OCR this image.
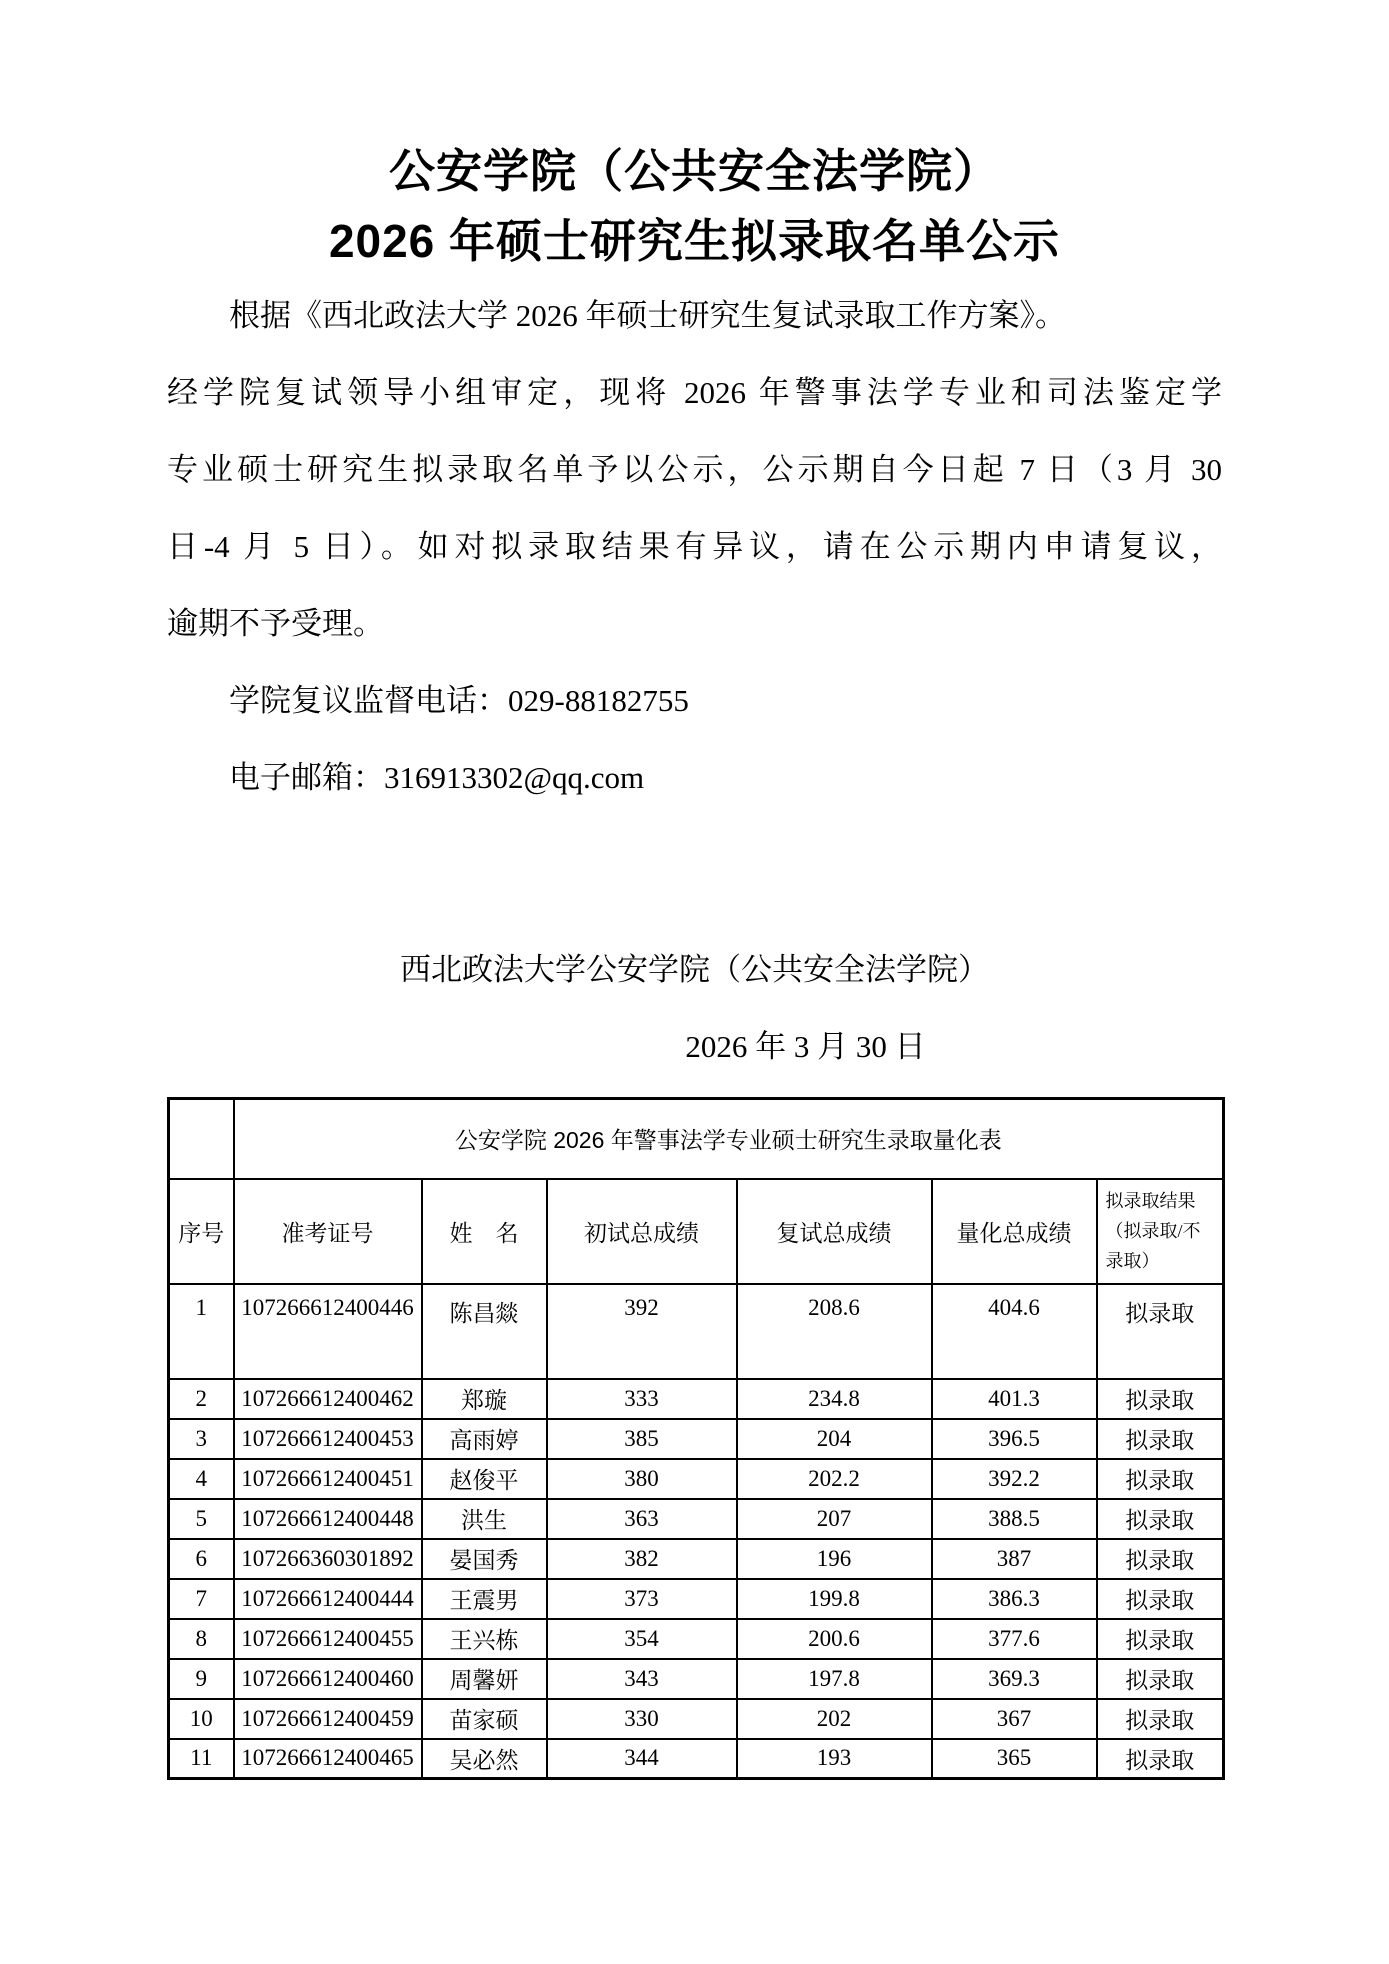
公安学院（公共安全法学院）
2026 年硕士研究生拟录取名单公示
根据《西北政法大学 2026 年硕士研究生复试录取工作方案》。
经学院复试领导小组审定，现将 2026 年警事法学专业和司法鉴定学
专业硕士研究生拟录取名单予以公示，公示期自今日起 7 日（3 月 30
日-4 月 5 日）。如对拟录取结果有异议，请在公示期内申请复议，
逾期不予受理。
学院复议监督电话：029-88182755
电子邮箱：316913302@qq.com
西北政法大学公安学院（公共安全法学院）
2026 年 3 月 30 日
	公安学院 2026 年警事法学专业硕士研究生录取量化表					
序号	准考证号	姓　名	初试总成绩	复试总成绩	量化总成绩	拟录取结果（拟录取/不录取）
1	107266612400446	陈昌燚	392	208.6	404.6	拟录取
2	107266612400462	郑璇	333	234.8	401.3	拟录取
3	107266612400453	高雨婷	385	204	396.5	拟录取
4	107266612400451	赵俊平	380	202.2	392.2	拟录取
5	107266612400448	洪生	363	207	388.5	拟录取
6	107266360301892	晏国秀	382	196	387	拟录取
7	107266612400444	王震男	373	199.8	386.3	拟录取
8	107266612400455	王兴栋	354	200.6	377.6	拟录取
9	107266612400460	周馨妍	343	197.8	369.3	拟录取
10	107266612400459	苗家硕	330	202	367	拟录取
11	107266612400465	吴必然	344	193	365	拟录取
